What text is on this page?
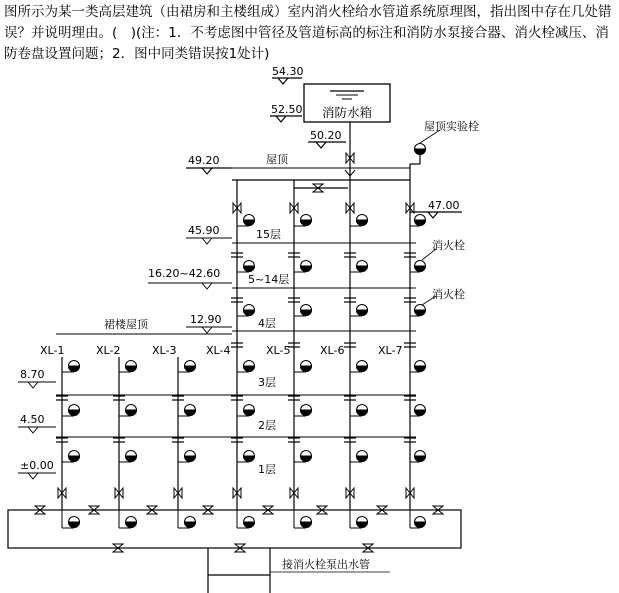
图所示为某一类高层建筑（由裙房和主楼组成）室内消火栓给水管道系统原理图，指出图中存在几处错误？并说明理由。(　)(注：1．不考虑图中管径及管道标高的标注和消防水泵接合器、消火栓减压、消防卷盘设置问题；2．图中同类错误按1处计)

消防水箱
54.30
52.50
50.20
屋顶实验栓
49.20	屋顶
47.00
45.90
16.20~42.60
12.90
裙楼屋顶
8.70
4.50
±0.00
15层
5~14层
4层
3层
2层
1层
消火栓
消火栓
XL-1	XL-2	XL-3	XL-4	XL-5	XL-6	XL-7
接消火栓泵出水管
